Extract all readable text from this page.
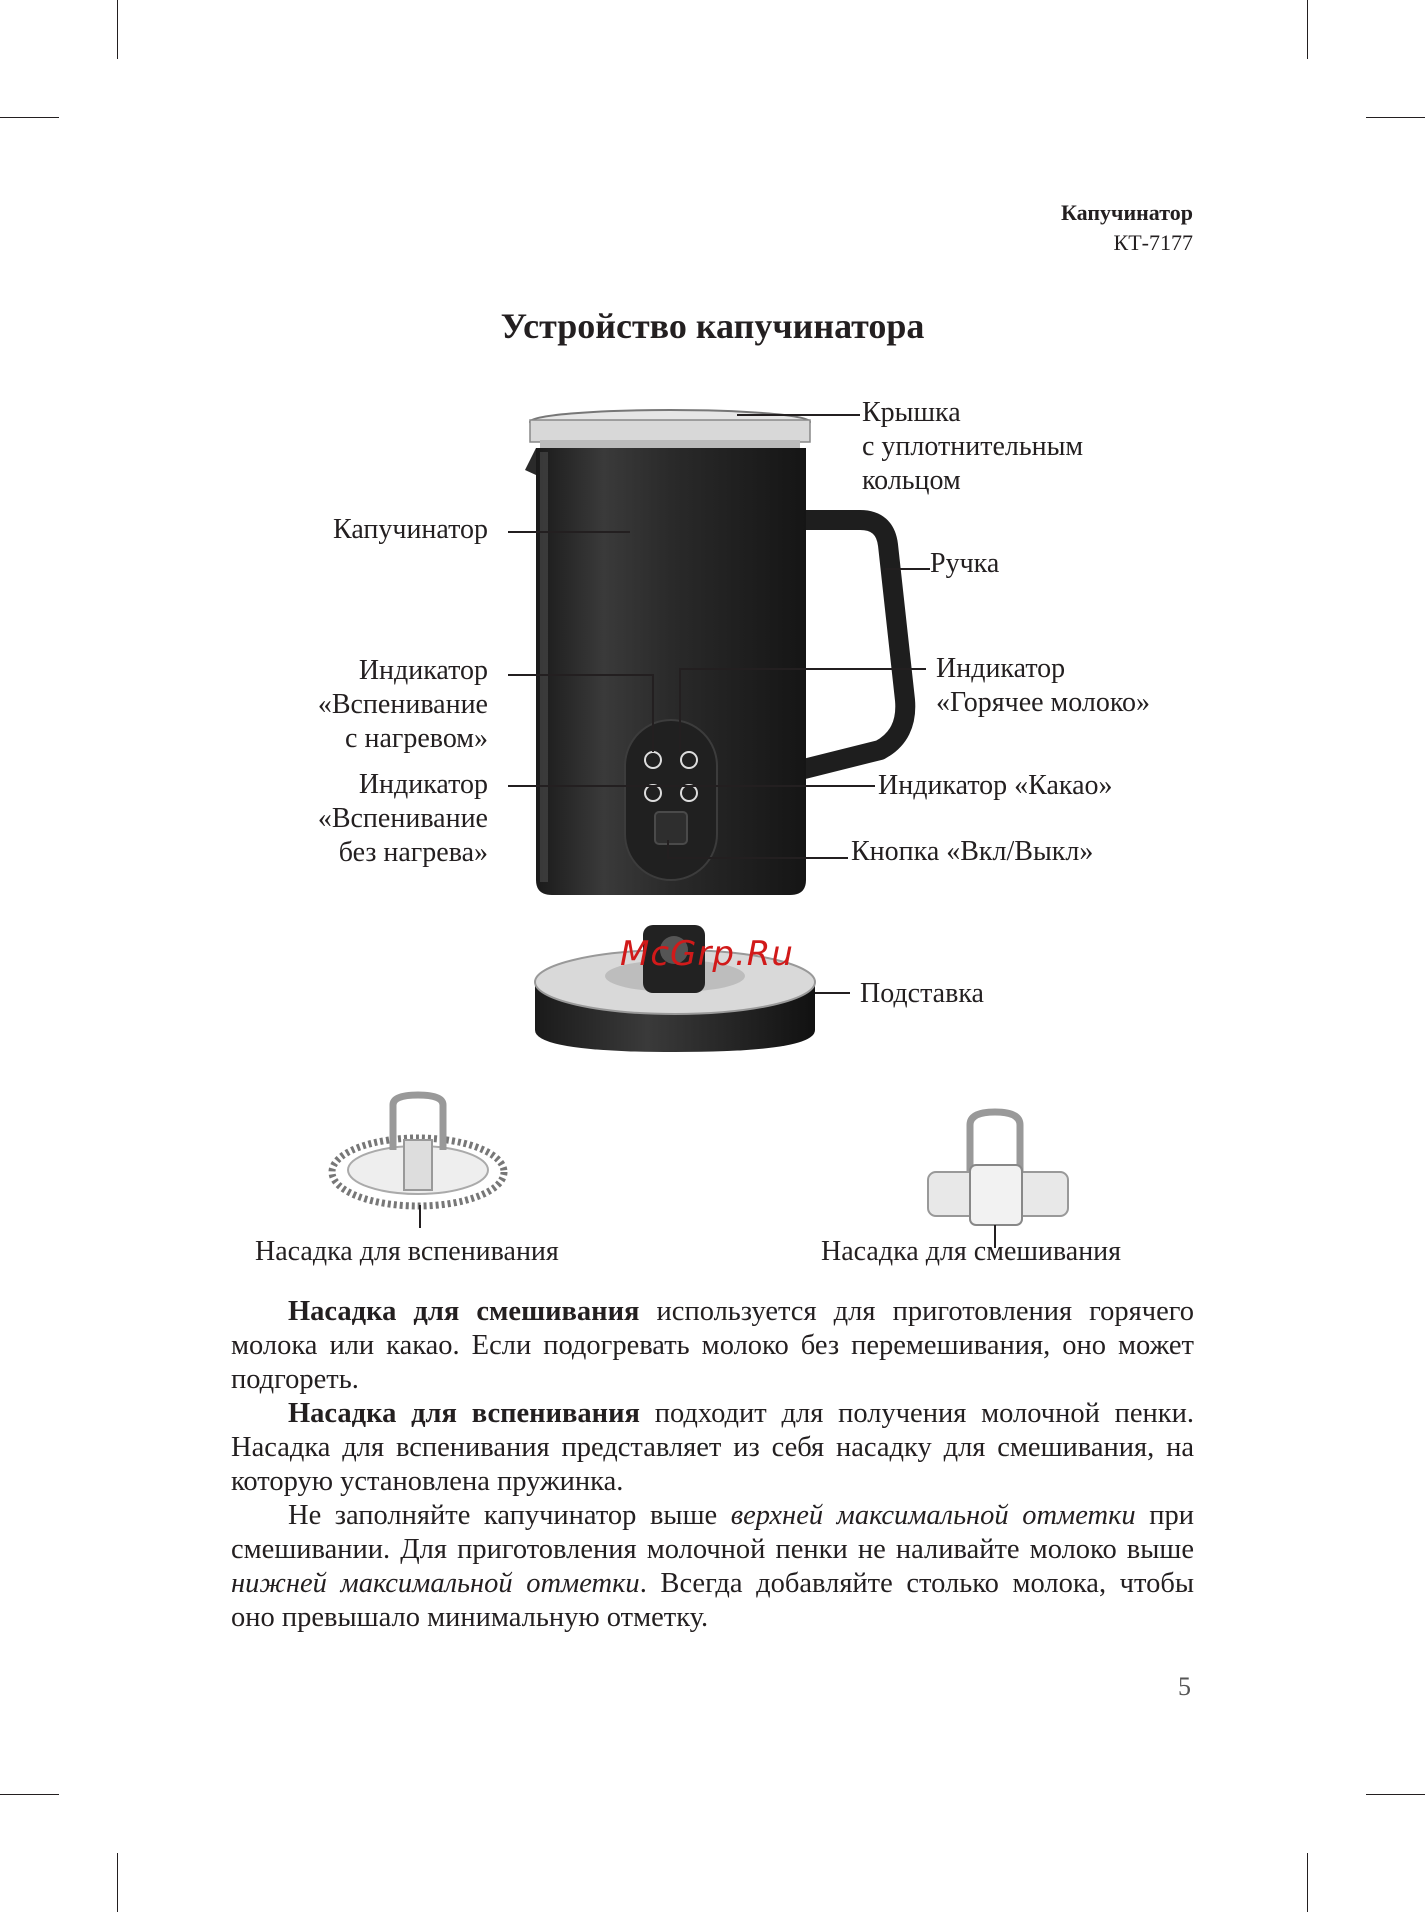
Капучинатор
КТ-7177
Устройство капучинатора
Крышка
с уплотнительным
кольцом
Капучинатор
Ручка
Индикатор
«Вспенивание
с нагревом»
Индикатор
«Горячее молоко»
Индикатор
«Вспенивание
без нагрева»
Индикатор «Какао»
Кнопка «Вкл/Выкл»
Подставка
Насадка для вспенивания	Насадка для смешивания
McGrp.Ru
Насадка для смешивания используется для приготовления горячего молока или какао. Если подогревать молоко без перемешивания, оно может подгореть.
Насадка для вспенивания подходит для получения молочной пенки. Насадка для вспенивания представляет из себя насадку для смешивания, на которую установлена пружинка.
Не заполняйте капучинатор выше верхней максимальной отметки при смешивании. Для приготовления молочной пенки не наливайте молоко выше нижней максимальной отметки. Всегда добавляйте столько молока, чтобы оно превышало минимальную отметку.
5
